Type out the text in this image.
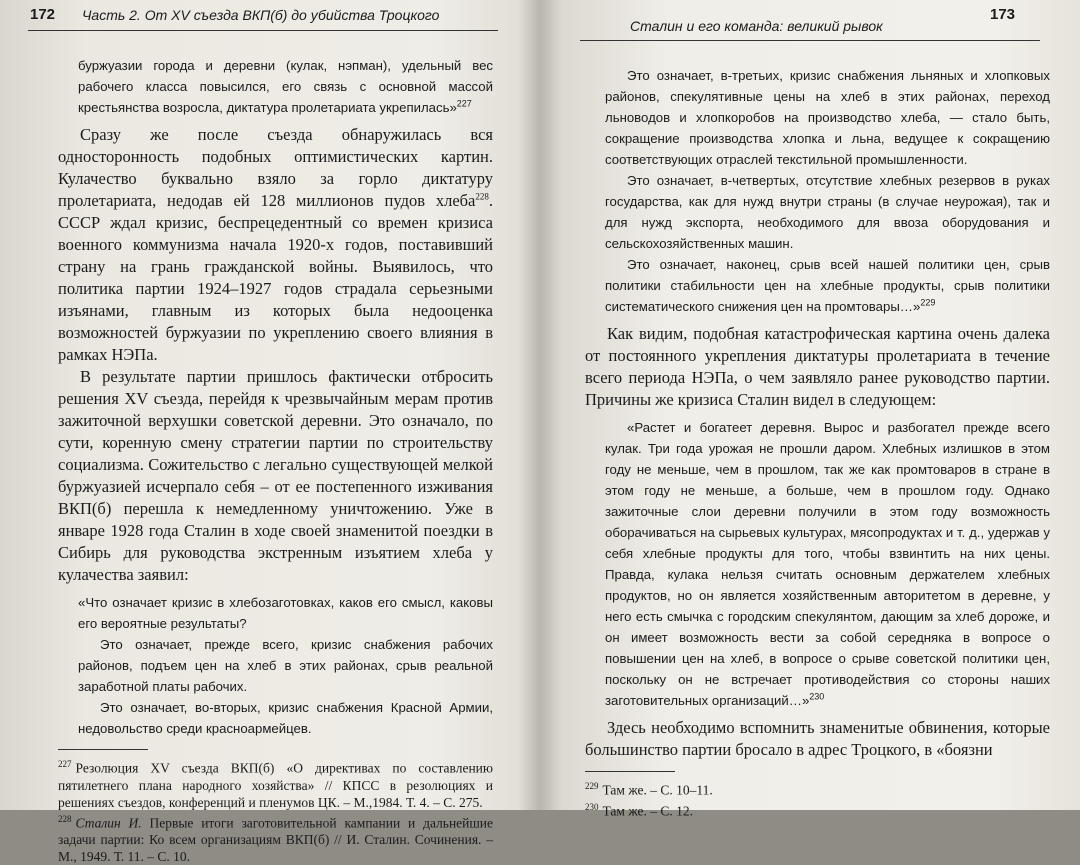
172 Часть 2. От XV съезда ВКП(б) до убийства Троцкого

буржуазии города и деревни (кулак, нэпман), удельный вес рабочего класса повысился, его связь с основной массой крестьянства возросла, диктатура пролетариата укрепилась»$^{227}$

Сразу же после съезда обнаружилась вся односторонность подобных оптимистических картин. Кулачество буквально взяло за горло диктатуру пролетариата, недодав ей 128 миллионов пудов хлеба$^{228}$. СССР ждал кризис, беспрецедентный со времен кризиса военного коммунизма начала 1920-х годов, поставивший страну на грань гражданской войны. Выявилось, что политика партии 1924–1927 годов страдала серьезными изъянами, главным из которых была недооценка возможностей буржуазии по укреплению своего влияния в рамках НЭПа.

В результате партии пришлось фактически отбросить решения XV съезда, перейдя к чрезвычайным мерам против зажиточной верхушки советской деревни. Это означало, по сути, коренную смену стратегии партии по строительству социализма. Сожительство с легально существующей мелкой буржуазией исчерпало себя – от ее постепенного изживания ВКП(б) перешла к немедленному уничтожению. Уже в январе 1928 года Сталин в ходе своей знаменитой поездки в Сибирь для руководства экстренным изъятием хлеба у кулачества заявил:

«Что означает кризис в хлебозаготовках, каков его смысл, каковы его вероятные результаты?

Это означает, прежде всего, кризис снабжения рабочих районов, подъем цен на хлеб в этих районах, срыв реальной заработной платы рабочих.

Это означает, во-вторых, кризис снабжения Красной Армии, недовольство среди красноармейцев.

$^{227}$ Резолюция XV съезда ВКП(б) «О директивах по составлению пятилетнего плана народного хозяйства» // КПСС в резолюциях и решениях съездов, конференций и пленумов ЦК. – М.,1984. Т. 4. – С. 275.

$^{228}$ Сталин И. Первые итоги заготовительной кампании и дальнейшие задачи партии: Ко всем организациям ВКП(б) // И. Сталин. Сочинения. – М., 1949. Т. 11. – С. 10.

Сталин и его команда: великий рывок
173

Это означает, в-третьих, кризис снабжения льняных и хлопковых районов, спекулятивные цены на хлеб в этих районах, переход льноводов и хлопкоробов на производство хлеба, — стало быть, сокращение производства хлопка и льна, ведущее к сокращению соответствующих отраслей текстильной промышленности.

Это означает, в-четвертых, отсутствие хлебных резервов в руках государства, как для нужд внутри страны (в случае неурожая), так и для нужд экспорта, необходимого для ввоза оборудования и сельскохозяйственных машин.

Это означает, наконец, срыв всей нашей политики цен, срыв политики стабильности цен на хлебные продукты, срыв политики систематического снижения цен на промтовары…»$^{229}$

Как видим, подобная катастрофическая картина очень далека от постоянного укрепления диктатуры пролетариата в течение всего периода НЭПа, о чем заявляло ранее руководство партии. Причины же кризиса Сталин видел в следующем:

«Растет и богатеет деревня. Вырос и разбогател прежде всего кулак. Три года урожая не прошли даром. Хлебных излишков в этом году не меньше, чем в прошлом, так же как промтоваров в стране в этом году не меньше, а больше, чем в прошлом году. Однако зажиточные слои деревни получили в этом году возможность оборачиваться на сырьевых культурах, мясопродуктах и т. д., удержав у себя хлебные продукты для того, чтобы взвинтить на них цены. Правда, кулака нельзя считать основным держателем хлебных продуктов, но он является хозяйственным авторитетом в деревне, у него есть смычка с городским спекулянтом, дающим за хлеб дороже, и он имеет возможность вести за собой середняка в вопросе о повышении цен на хлеб, в вопросе о срыве советской политики цен, поскольку он не встречает противодействия со стороны наших заготовительных организаций…»$^{230}$

Здесь необходимо вспомнить знаменитые обвинения, которые большинство партии бросало в адрес Троцкого, в «боязни

$^{229}$ Там же. – С. 10–11.

$^{230}$ Там же. – С. 12.
